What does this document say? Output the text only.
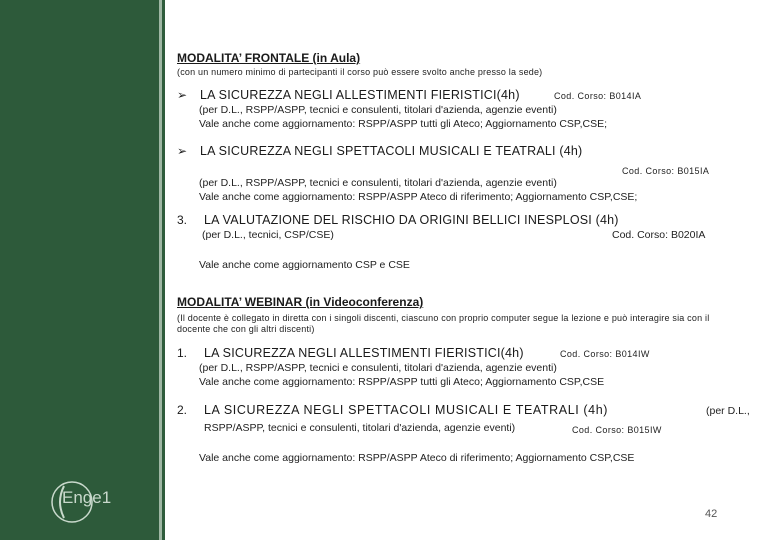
Enge1
MODALITA’ FRONTALE (in Aula)
(con un numero minimo di partecipanti il corso può essere svolto anche presso la sede)
➢ LA SICUREZZA NEGLI ALLESTIMENTI FIERISTICI(4h)	Cod. Corso: B014IA
(per D.L., RSPP/ASPP, tecnici e consulenti, titolari d'azienda, agenzie eventi)
Vale anche come aggiornamento: RSPP/ASPP tutti gli Ateco; Aggiornamento CSP,CSE;
➢ LA SICUREZZA NEGLI SPETTACOLI MUSICALI E TEATRALI (4h)
Cod. Corso: B015IA
(per D.L., RSPP/ASPP, tecnici e consulenti, titolari d'azienda, agenzie eventi)
Vale anche come aggiornamento: RSPP/ASPP Ateco di riferimento; Aggiornamento CSP,CSE;
3. LA VALUTAZIONE DEL RISCHIO DA ORIGINI BELLICI INESPLOSI (4h)
(per D.L., tecnici, CSP/CSE)	Cod. Corso: B020IA
Vale anche come aggiornamento CSP e CSE
MODALITA’ WEBINAR (in Videoconferenza)
(Il docente è collegato in diretta con i singoli discenti, ciascuno con proprio computer segue la lezione e può interagire sia con il
docente che con gli altri discenti)
1. LA SICUREZZA NEGLI ALLESTIMENTI FIERISTICI(4h)	Cod. Corso: B014IW
(per D.L., RSPP/ASPP, tecnici e consulenti, titolari d'azienda, agenzie eventi)
Vale anche come aggiornamento: RSPP/ASPP tutti gli Ateco; Aggiornamento CSP,CSE
2. LA SICUREZZA NEGLI SPETTACOLI MUSICALI E TEATRALI (4h)	(per D.L.,
RSPP/ASPP, tecnici e consulenti, titolari d'azienda, agenzie eventi)	Cod. Corso: B015IW
Vale anche come aggiornamento: RSPP/ASPP Ateco di riferimento; Aggiornamento CSP,CSE
42
